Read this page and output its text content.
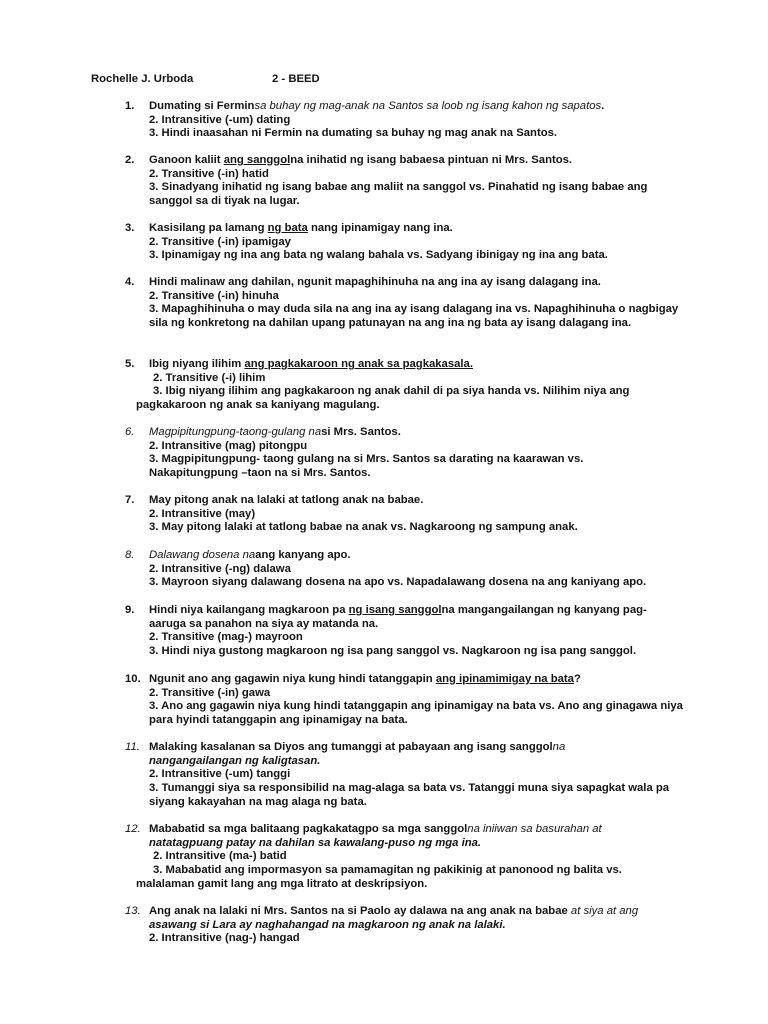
Rochelle J. Urboda	2 - BEED
1. Dumating si Ferminsa buhay ng mag-anak na Santos sa loob ng isang kahon ng sapatos.
2. Intransitive (-um) dating
3. Hindi inaasahan ni Fermin na dumating sa buhay ng mag anak na Santos.
2. Ganoon kaliit ang sanggolna inihatid ng isang babaesa pintuan ni Mrs. Santos.
2. Transitive (-in) hatid
3. Sinadyang inihatid ng isang babae ang maliit na sanggol vs. Pinahatid ng isang babae ang sanggol sa di tiyak na lugar.
3. Kasisilang pa lamang ng bata nang ipinamigay nang ina.
2. Transitive (-in) ipamigay
3. Ipinamigay ng ina ang bata ng walang bahala vs. Sadyang ibinigay ng ina ang bata.
4. Hindi malinaw ang dahilan, ngunit mapaghihinuha na ang ina ay isang dalagang ina.
2. Transitive (-in) hinuha
3. Mapaghihinuha o may duda sila na ang ina ay isang dalagang ina vs. Napaghihinuha o nagbigay sila ng konkretong na dahilan upang patunayan na ang ina ng bata ay isang dalagang ina.
5. Ibig niyang ilihim ang pagkakaroon ng anak sa pagkakasala.
2. Transitive (-i) lihim
3. Ibig niyang ilihim ang pagkakaroon ng anak dahil di pa siya handa vs. Nilihim niya ang
pagkakaroon ng anak sa kaniyang magulang.
6. Magpipitungpung-taong-gulang nasi Mrs. Santos.
2. Intransitive (mag) pitongpu
3. Magpipitungpung- taong gulang na si Mrs. Santos sa darating na kaarawan vs.
Nakapitungpung –taon na si Mrs. Santos.
7. May pitong anak na lalaki at tatlong anak na babae.
2. Intransitive (may)
3. May pitong lalaki at tatlong babae na anak vs. Nagkaroong ng sampung anak.
8. Dalawang dosena naang kanyang apo.
2. Intransitive (-ng) dalawa
3. Mayroon siyang dalawang dosena na apo vs. Napadalawang dosena na ang kaniyang apo.
9. Hindi niya kailangang magkaroon pa ng isang sanggolna mangangailangan ng kanyang pag-
aaruga sa panahon na siya ay matanda na.
2. Transitive (mag-) mayroon
3. Hindi niya gustong magkaroon ng isa pang sanggol vs. Nagkaroon ng isa pang sanggol.
10. Ngunit ano ang gagawin niya kung hindi tatanggapin ang ipinamimigay na bata?
2. Transitive (-in) gawa
3. Ano ang gagawin niya kung hindi tatanggapin ang ipinamigay na bata vs. Ano ang ginagawa niya para hyindi tatanggapin ang ipinamigay na bata.
11. Malaking kasalanan sa Diyos ang tumanggi at pabayaan ang isang sanggolna
nangangailangan ng kaligtasan.
2. Intransitive (-um) tanggi
3. Tumanggi siya sa responsibilid na mag-alaga sa bata vs. Tatanggi muna siya sapagkat wala pa siyang kakayahan na mag alaga ng bata.
12. Mababatid sa mga balitaang pagkakatagpo sa mga sanggolna iniiwan sa basurahan at
natatagpuang patay na dahilan sa kawalang-puso ng mga ina.
2. Intransitive (ma-) batid
3. Mababatid ang impormasyon sa pamamagitan ng pakikinig at panonood ng balita vs.
malalaman gamit lang ang mga litrato at deskripsiyon.
13. Ang anak na lalaki ni Mrs. Santos na si Paolo ay dalawa na ang anak na babae at siya at ang
asawang si Lara ay naghahangad na magkaroon ng anak na lalaki.
2. Intransitive (nag-) hangad
